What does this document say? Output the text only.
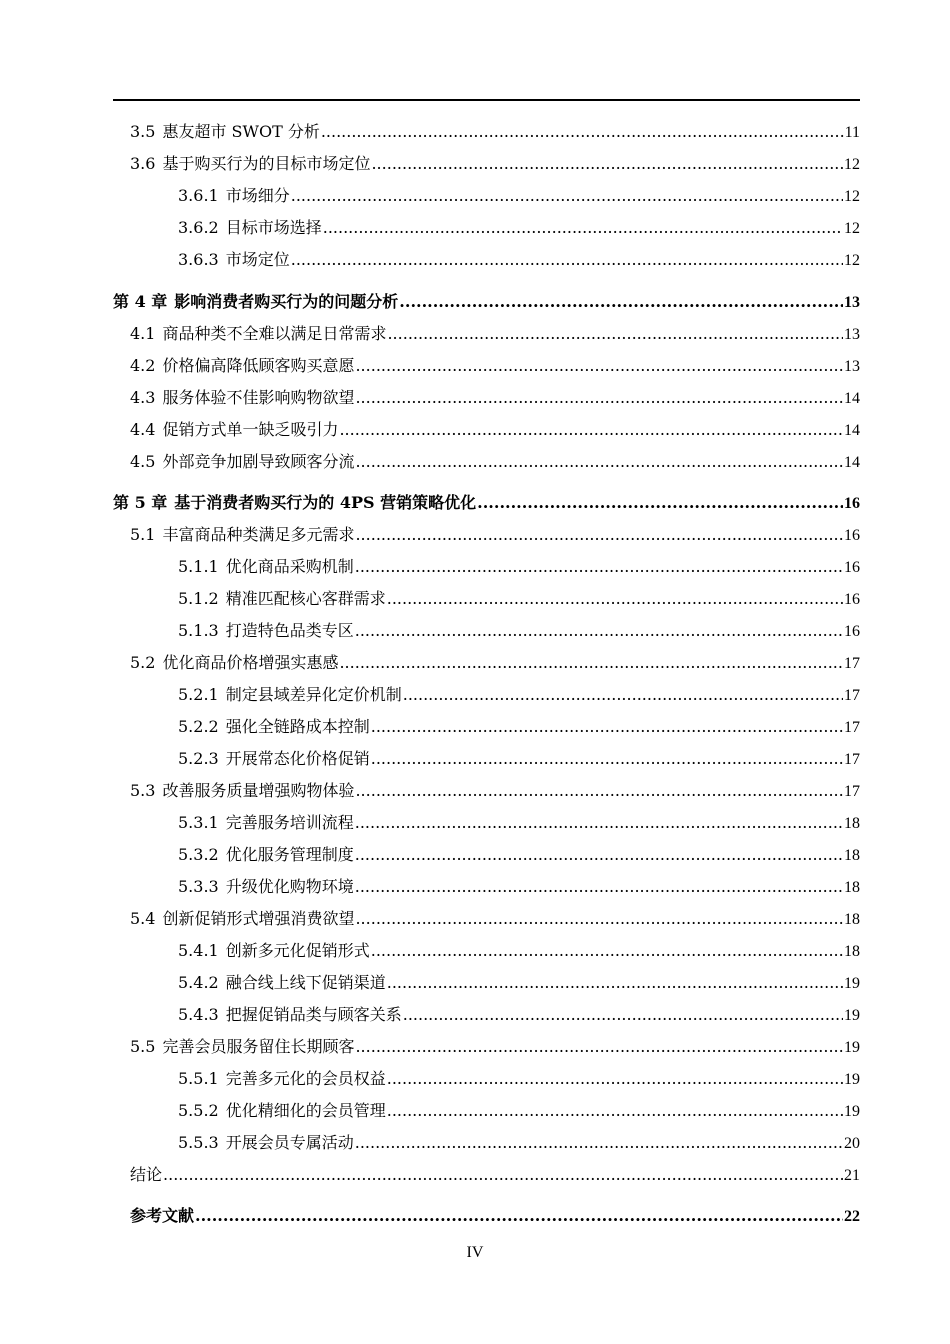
3.5 惠友超市 SWOT 分析 .....	11
3.6 基于购买行为的目标市场定位 .....	12
3.6.1 市场细分 .....	12
3.6.2 目标市场选择 .....	12
3.6.3 市场定位 .....	12
第 4 章 影响消费者购买行为的问题分析 .....	13
4.1 商品种类不全难以满足日常需求 .....	13
4.2 价格偏高降低顾客购买意愿 .....	13
4.3 服务体验不佳影响购物欲望 .....	14
4.4 促销方式单一缺乏吸引力 .....	14
4.5 外部竞争加剧导致顾客分流 .....	14
第 5 章 基于消费者购买行为的 4PS 营销策略优化 .....	16
5.1 丰富商品种类满足多元需求 .....	16
5.1.1 优化商品采购机制 .....	16
5.1.2 精准匹配核心客群需求 .....	16
5.1.3 打造特色品类专区 .....	16
5.2 优化商品价格增强实惠感 .....	17
5.2.1 制定县域差异化定价机制 .....	17
5.2.2 强化全链路成本控制 .....	17
5.2.3 开展常态化价格促销 .....	17
5.3 改善服务质量增强购物体验 .....	17
5.3.1 完善服务培训流程 .....	18
5.3.2 优化服务管理制度 .....	18
5.3.3 升级优化购物环境 .....	18
5.4 创新促销形式增强消费欲望 .....	18
5.4.1 创新多元化促销形式 .....	18
5.4.2 融合线上线下促销渠道 .....	19
5.4.3 把握促销品类与顾客关系 .....	19
5.5 完善会员服务留住长期顾客 .....	19
5.5.1 完善多元化的会员权益 .....	19
5.5.2 优化精细化的会员管理 .....	19
5.5.3 开展会员专属活动 .....	20
结论 .....	21
参考文献 .....	22
IV
